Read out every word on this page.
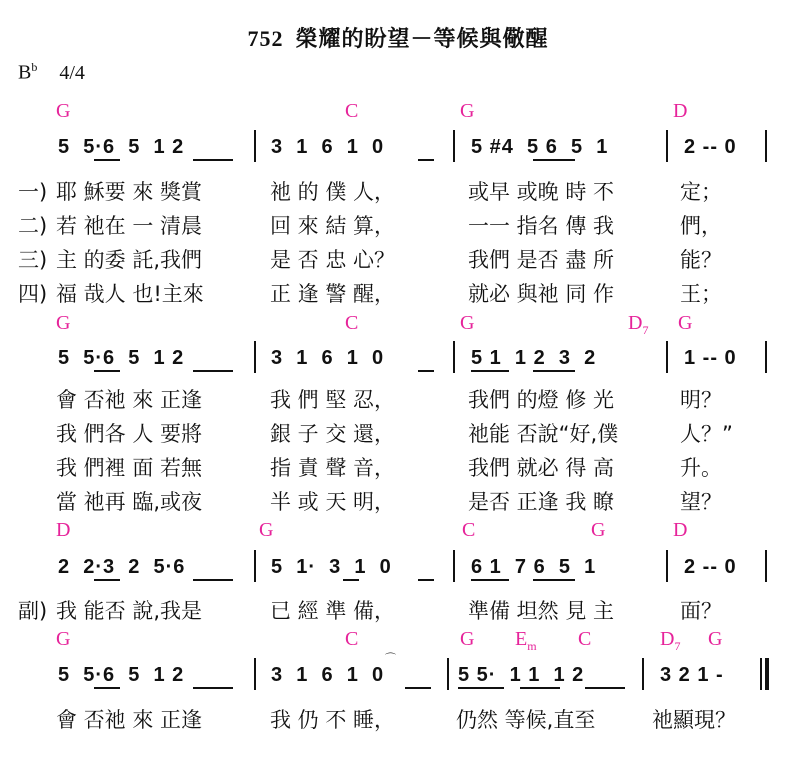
752 榮耀的盼望－等候與儆醒
$B^b$ 4/4
G	C	G	D
5  5·6  5  1 2	3  1  6  1  0	5 #4  5 6  5  1	2 ‐‐ 0
一)
二)
三)
四)
耶 穌要 來 獎賞	祂 的 僕 人，	或早 或晚 時 不	定；
若 祂在 一 清晨	回 來 結 算，	一一 指名 傳 我	們，
主 的委 託,我們	是 否 忠 心？	我們 是否 盡 所	能？
福 哉人 也!主來	正 逢 警 醒，	就必 與祂 同 作	王；
G	C	G	$D_7$ G
5  5·6  5  1 2	3  1  6  1  0	5 1  1 2  3  2	1 ‐‐ 0
會 否祂 來 正逢	我 們 堅 忍，	我們 的燈 修 光	明？
我 們各 人 要將	銀 子 交 還，	祂能 否說“好,僕	人？”
我 們裡 面 若無	指 責 聲 音，	我們 就必 得 高	升。
當 祂再 臨,或夜	半 或 天 明，	是否 正逢 我 瞭	望？
D	G	C	G	D
2  2·3  2  5·6	5  1·  3  1  0	6 1  7 6  5  1	2 ‐‐ 0
副) 我 能否 說,我是	已 經 準 備，	準備 坦然 見 主	面？
G	C	G $E_m$ C	$D_7$ G
⌒
5  5·6  5  1 2	3  1  6  1  0	5 5·  1 1  1 2	3 2 1 ‐
會 否祂 來 正逢	我 仍 不 睡，	仍然 等候,直至	祂顯現？
